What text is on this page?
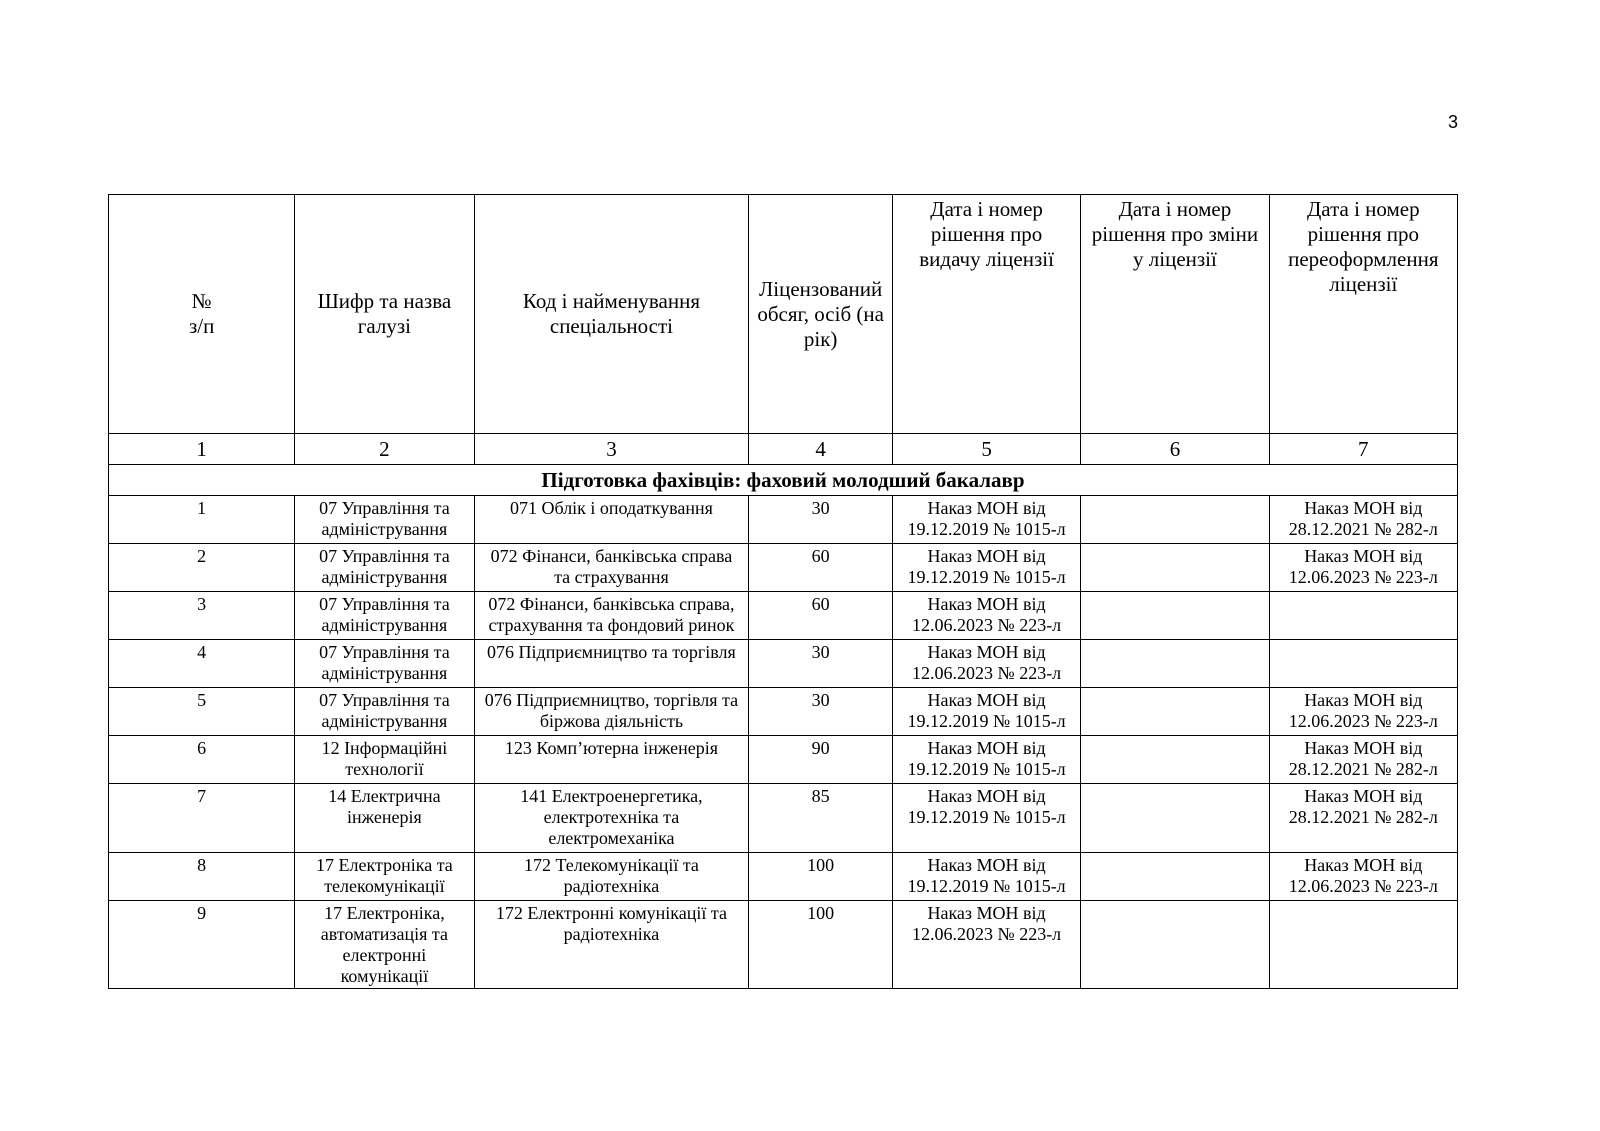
3
№
з/п	Шифр та назва
галузі	Код і найменування
спеціальності	Ліцензований
обсяг, осіб (на
рік)	Дата і номер
рішення про
видачу ліцензії	Дата і номер
рішення про зміни
у ліцензії	Дата і номер
рішення про
переоформлення
ліцензії

1	2	3	4	5	6	7
Підготовка фахівців: фаховий молодший бакалавр						
1	07 Управління та
адміністрування	071 Облік і оподаткування	30	Наказ МОН від
19.12.2019 № 1015-л		Наказ МОН від
28.12.2021 № 282-л

2	07 Управління та
адміністрування	072 Фінанси, банківська справа
та страхування	60	Наказ МОН від
19.12.2019 № 1015-л		Наказ МОН від
12.06.2023 № 223-л

3	07 Управління та
адміністрування	072 Фінанси, банківська справа,
страхування та фондовий ринок	60	Наказ МОН від
12.06.2023 № 223-л		

4	07 Управління та
адміністрування	076 Підприємництво та торгівля	30	Наказ МОН від
12.06.2023 № 223-л		

5	07 Управління та
адміністрування	076 Підприємництво, торгівля та
біржова діяльність	30	Наказ МОН від
19.12.2019 № 1015-л		Наказ МОН від
12.06.2023 № 223-л

6	12 Інформаційні
технології	123 Комп’ютерна інженерія	90	Наказ МОН від
19.12.2019 № 1015-л		Наказ МОН від
28.12.2021 № 282-л

7	14 Електрична
інженерія	141 Електроенергетика,
електротехніка та
електромеханіка	85	Наказ МОН від
19.12.2019 № 1015-л		Наказ МОН від
28.12.2021 № 282-л

8	17 Електроніка та
телекомунікації	172 Телекомунікації та
радіотехніка	100	Наказ МОН від
19.12.2019 № 1015-л		Наказ МОН від
12.06.2023 № 223-л

9	17 Електроніка,
автоматизація та
електронні
комунікації	172 Електронні комунікації та
радіотехніка	100	Наказ МОН від
12.06.2023 № 223-л		
